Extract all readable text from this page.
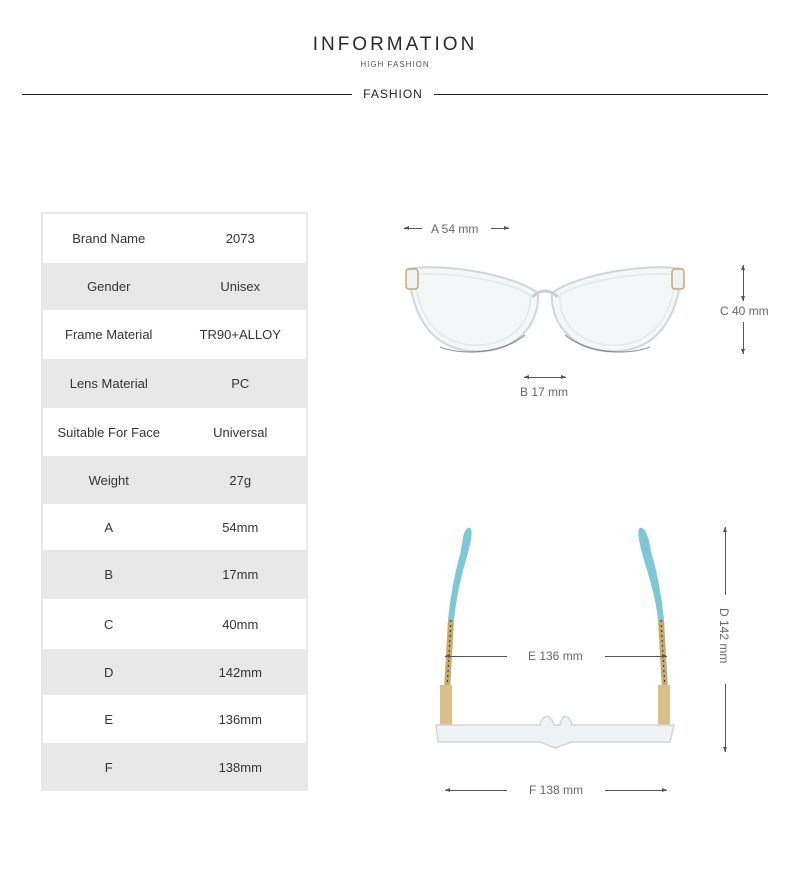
INFORMATION
HIGH FASHION
FASHION
Brand Name	2073
Gender	Unisex
Frame Material	TR90+ALLOY
Lens Material	PC
Suitable For Face	Universal
Weight	27g
A	54mm
B	17mm
C	40mm
D	142mm
E	136mm
F	138mm
A 54 mm
C 40 mm
B 17 mm
E 136 mm
F 138 mm
D 142 mm
